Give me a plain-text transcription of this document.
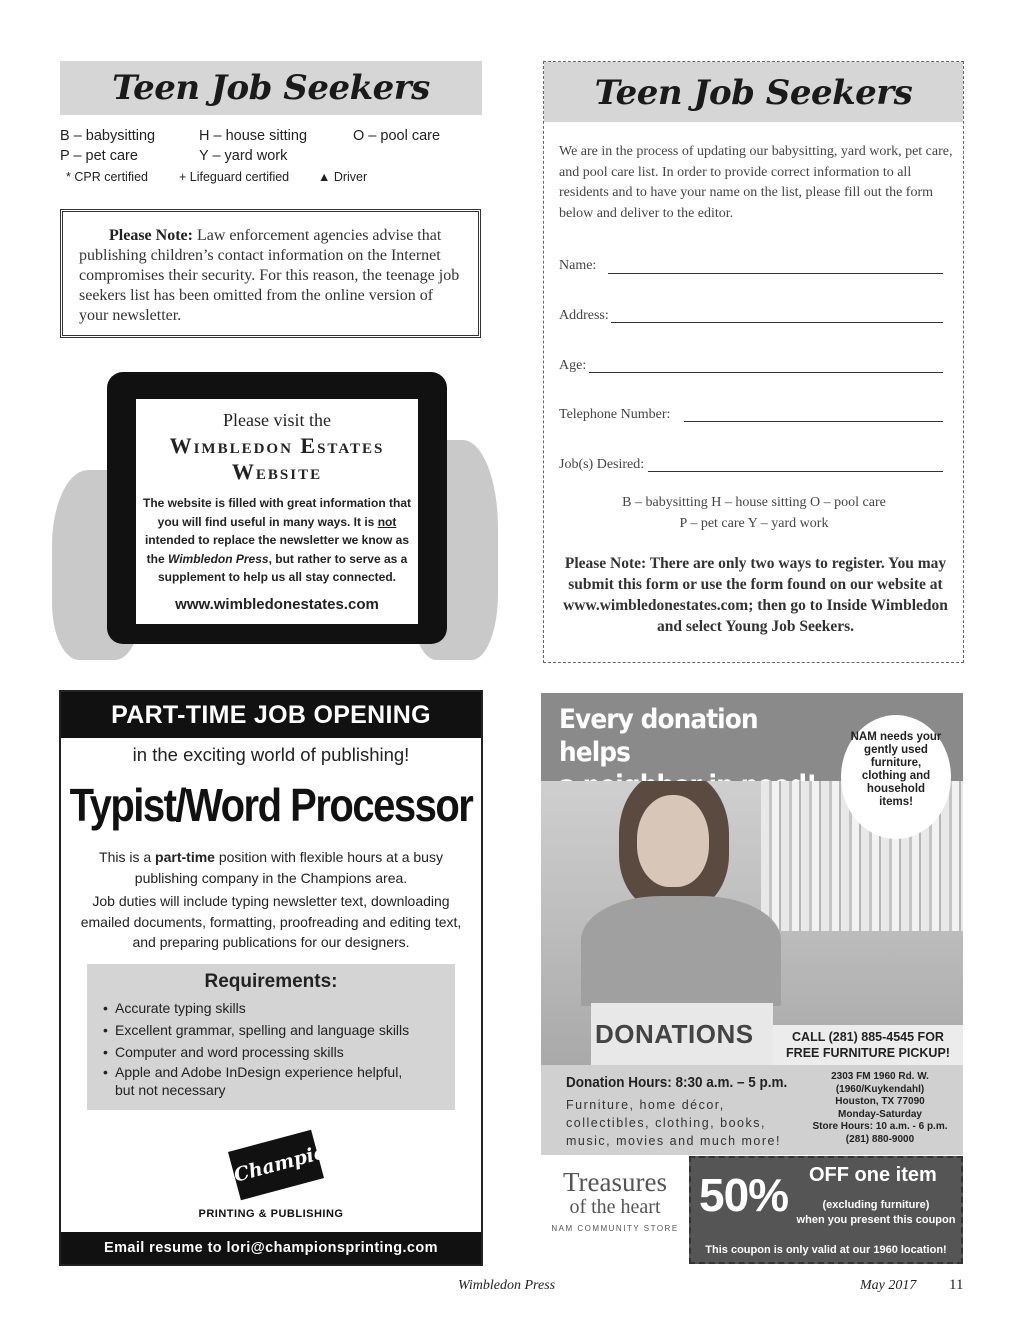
Teen Job Seekers
B – babysitting	H – house sitting	O – pool care
P – pet care	Y – yard work
* CPR certified + Lifeguard certified ▲ Driver
Please Note: Law enforcement agencies advise that publishing children’s contact information on the Internet compromises their security. For this reason, the teenage job seekers list has been omitted from the online version of your newsletter.
Please visit the
Wimbledon Estates
Website
The website is filled with great information that you will find useful in many ways. It is not intended to replace the newsletter we know as the Wimbledon Press, but rather to serve as a supplement to help us all stay connected.
www.wimbledonestates.com
Teen Job Seekers
We are in the process of updating our babysitting, yard work, pet care, and pool care list. In order to provide correct information to all residents and to have your name on the list, please fill out the form below and deliver to the editor.
Name:
Address:
Age:
Telephone Number:
Job(s) Desired:
B – babysitting H – house sitting O – pool care
P – pet care Y – yard work
Please Note: There are only two ways to register. You may submit this form or use the form found on our website at www.wimbledonestates.com; then go to Inside Wimbledon and select Young Job Seekers.
PART-TIME JOB OPENING
in the exciting world of publishing!
Typist/Word Processor
This is a part-time position with flexible hours at a busy publishing company in the Champions area.
Job duties will include typing newsletter text, downloading emailed documents, formatting, proofreading and editing text, and preparing publications for our designers.
Requirements:
• Accurate typing skills
• Excellent grammar, spelling and language skills
• Computer and word processing skills
• Apple and Adobe InDesign experience helpful, but not necessary
Champions
PRINTING & PUBLISHING
Email resume to lori@championsprinting.com
Every donation helps
DONATIONS	CALL (281) 885-4545 FOR
FREE FURNITURE PICKUP!
NAM needs your gently used furniture, clothing and household items!
Donation Hours: 8:30 a.m. – 5 p.m.
Furniture, home décor,
collectibles, clothing, books,
music, movies and much more!
2303 FM 1960 Rd. W.
(1960/Kuykendahl)
Houston, TX 77090
Monday-Saturday
Store Hours: 10 a.m. - 6 p.m.
(281) 880-9000
Treasures
of the heart
NAM COMMUNITY STORE
50% OFF one item
(excluding furniture)
when you present this coupon
This coupon is only valid at our 1960 location!
Wimbledon Press	May 2017 11
